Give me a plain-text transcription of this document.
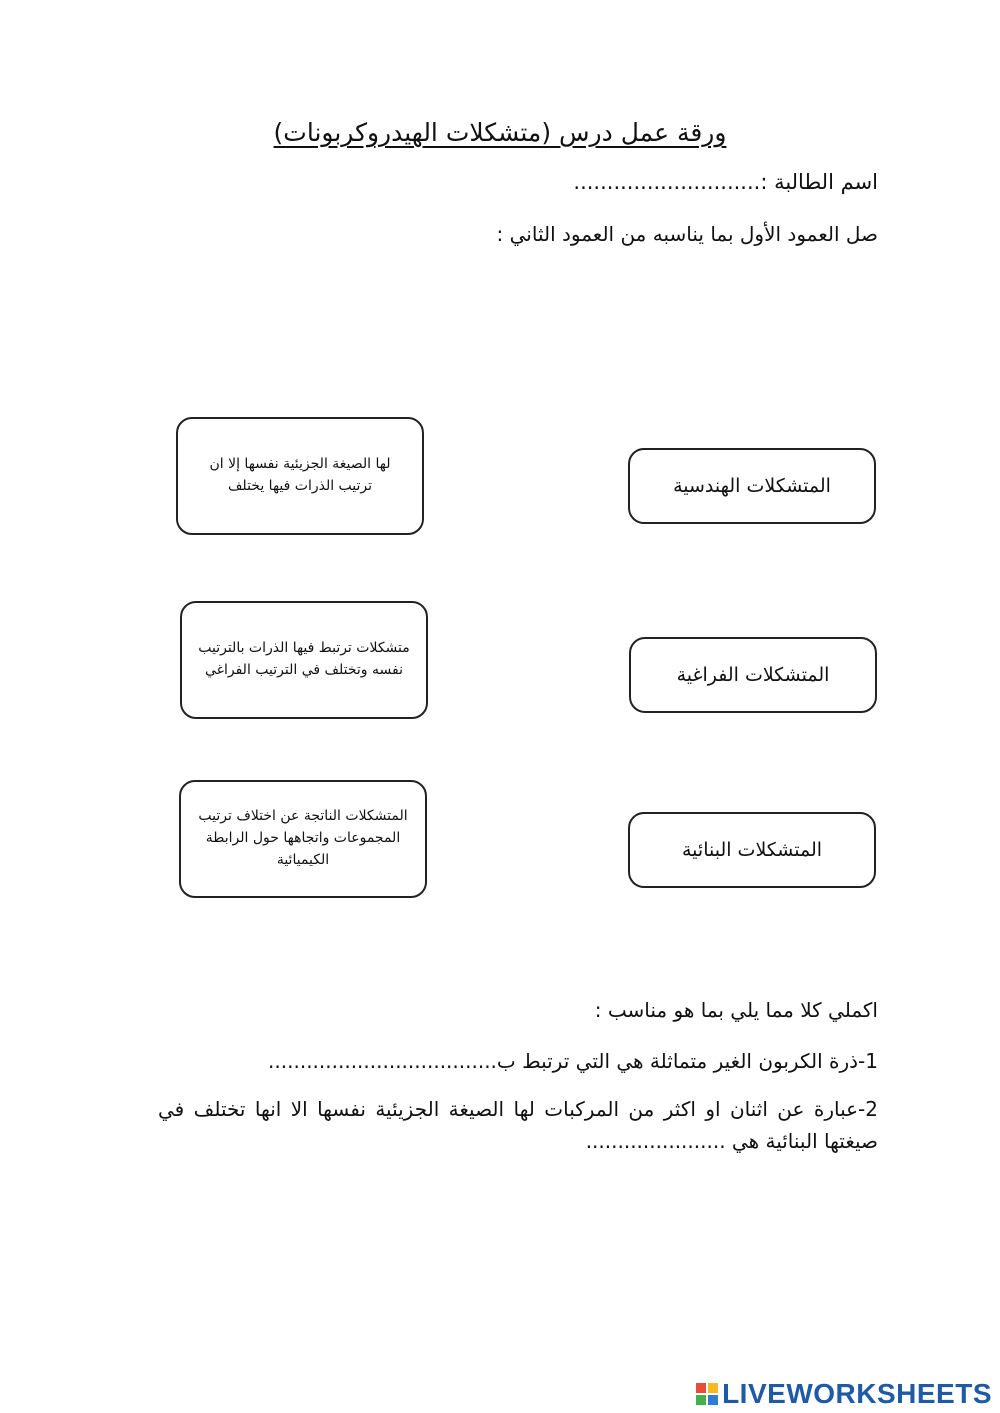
ورقة عمل درس (متشكلات الهيدروكربونات)
اسم الطالبة :............................
صل العمود الأول بما يناسبه من العمود الثاني :
لها الصيغة الجزيئية نفسها إلا ان ترتيب الذرات فيها يختلف
متشكلات ترتبط فيها الذرات بالترتيب نفسه وتختلف في الترتيب الفراغي
المتشكلات الناتجة عن اختلاف ترتيب المجموعات واتجاهها حول الرابطة الكيميائية
المتشكلات الهندسية
المتشكلات الفراغية
المتشكلات البنائية
اكملي كلا مما يلي بما هو مناسب :
1-ذرة الكربون الغير متماثلة هي التي ترتبط ب....................................
2-عبارة عن اثنان او اكثر من المركبات لها الصيغة الجزيئية نفسها الا انها تختلف في صيغتها البنائية هي ......................
LIVEWORKSHEETS
